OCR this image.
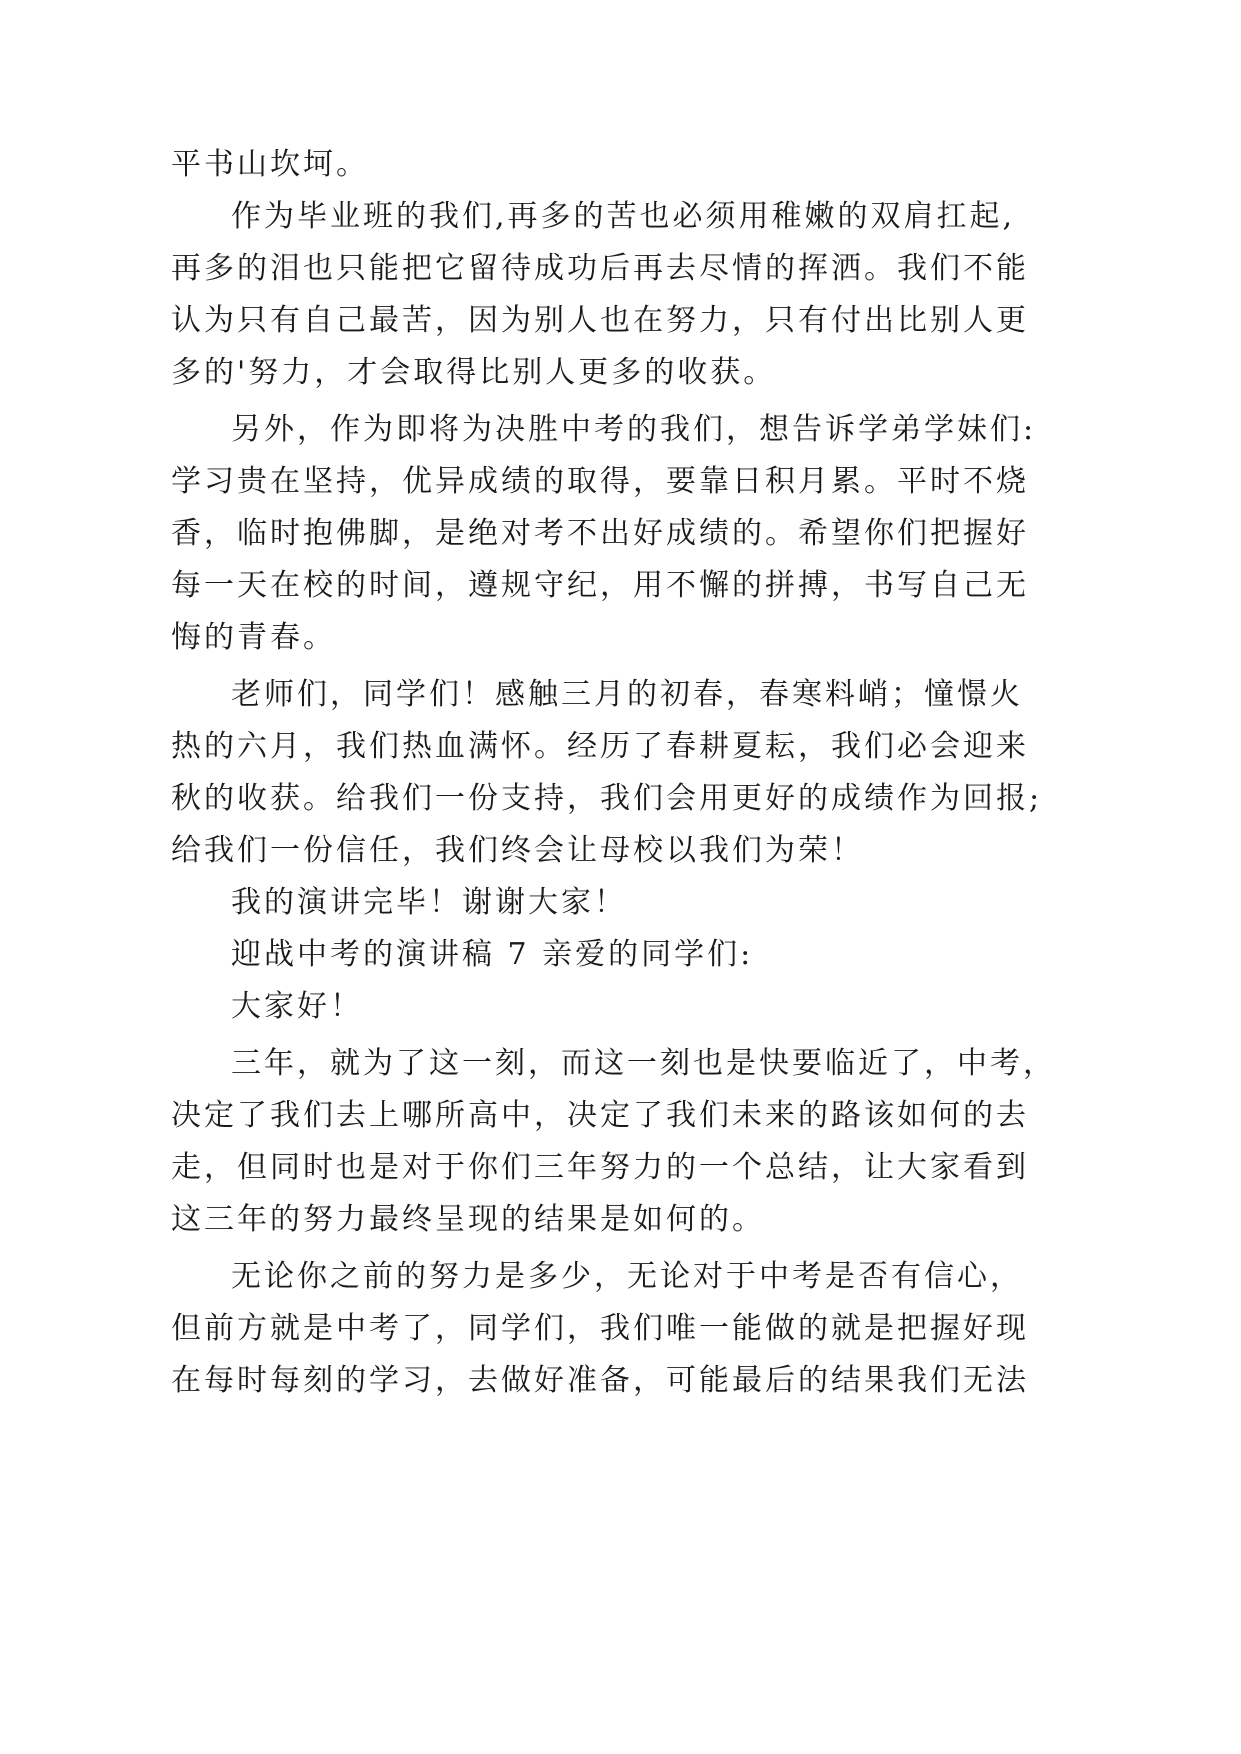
平书山坎坷。
作为毕业班的我们,再多的苦也必须用稚嫩的双肩扛起,
再多的泪也只能把它留待成功后再去尽情的挥洒。我们不能
认为只有自己最苦，因为别人也在努力，只有付出比别人更
多的'努力，才会取得比别人更多的收获。
另外，作为即将为决胜中考的我们，想告诉学弟学妹们:
学习贵在坚持，优异成绩的取得，要靠日积月累。平时不烧
香，临时抱佛脚，是绝对考不出好成绩的。希望你们把握好
每一天在校的时间，遵规守纪，用不懈的拼搏，书写自己无
悔的青春。
老师们，同学们！感触三月的初春，春寒料峭；憧憬火
热的六月，我们热血满怀。经历了春耕夏耘，我们必会迎来
秋的收获。给我们一份支持，我们会用更好的成绩作为回报;
给我们一份信任，我们终会让母校以我们为荣！
我的演讲完毕！谢谢大家！
迎战中考的演讲稿 7 亲爱的同学们:
大家好！
三年，就为了这一刻，而这一刻也是快要临近了，中考，
决定了我们去上哪所高中，决定了我们未来的路该如何的去
走，但同时也是对于你们三年努力的一个总结，让大家看到
这三年的努力最终呈现的结果是如何的。
无论你之前的努力是多少，无论对于中考是否有信心，
但前方就是中考了，同学们，我们唯一能做的就是把握好现
在每时每刻的学习，去做好准备，可能最后的结果我们无法
